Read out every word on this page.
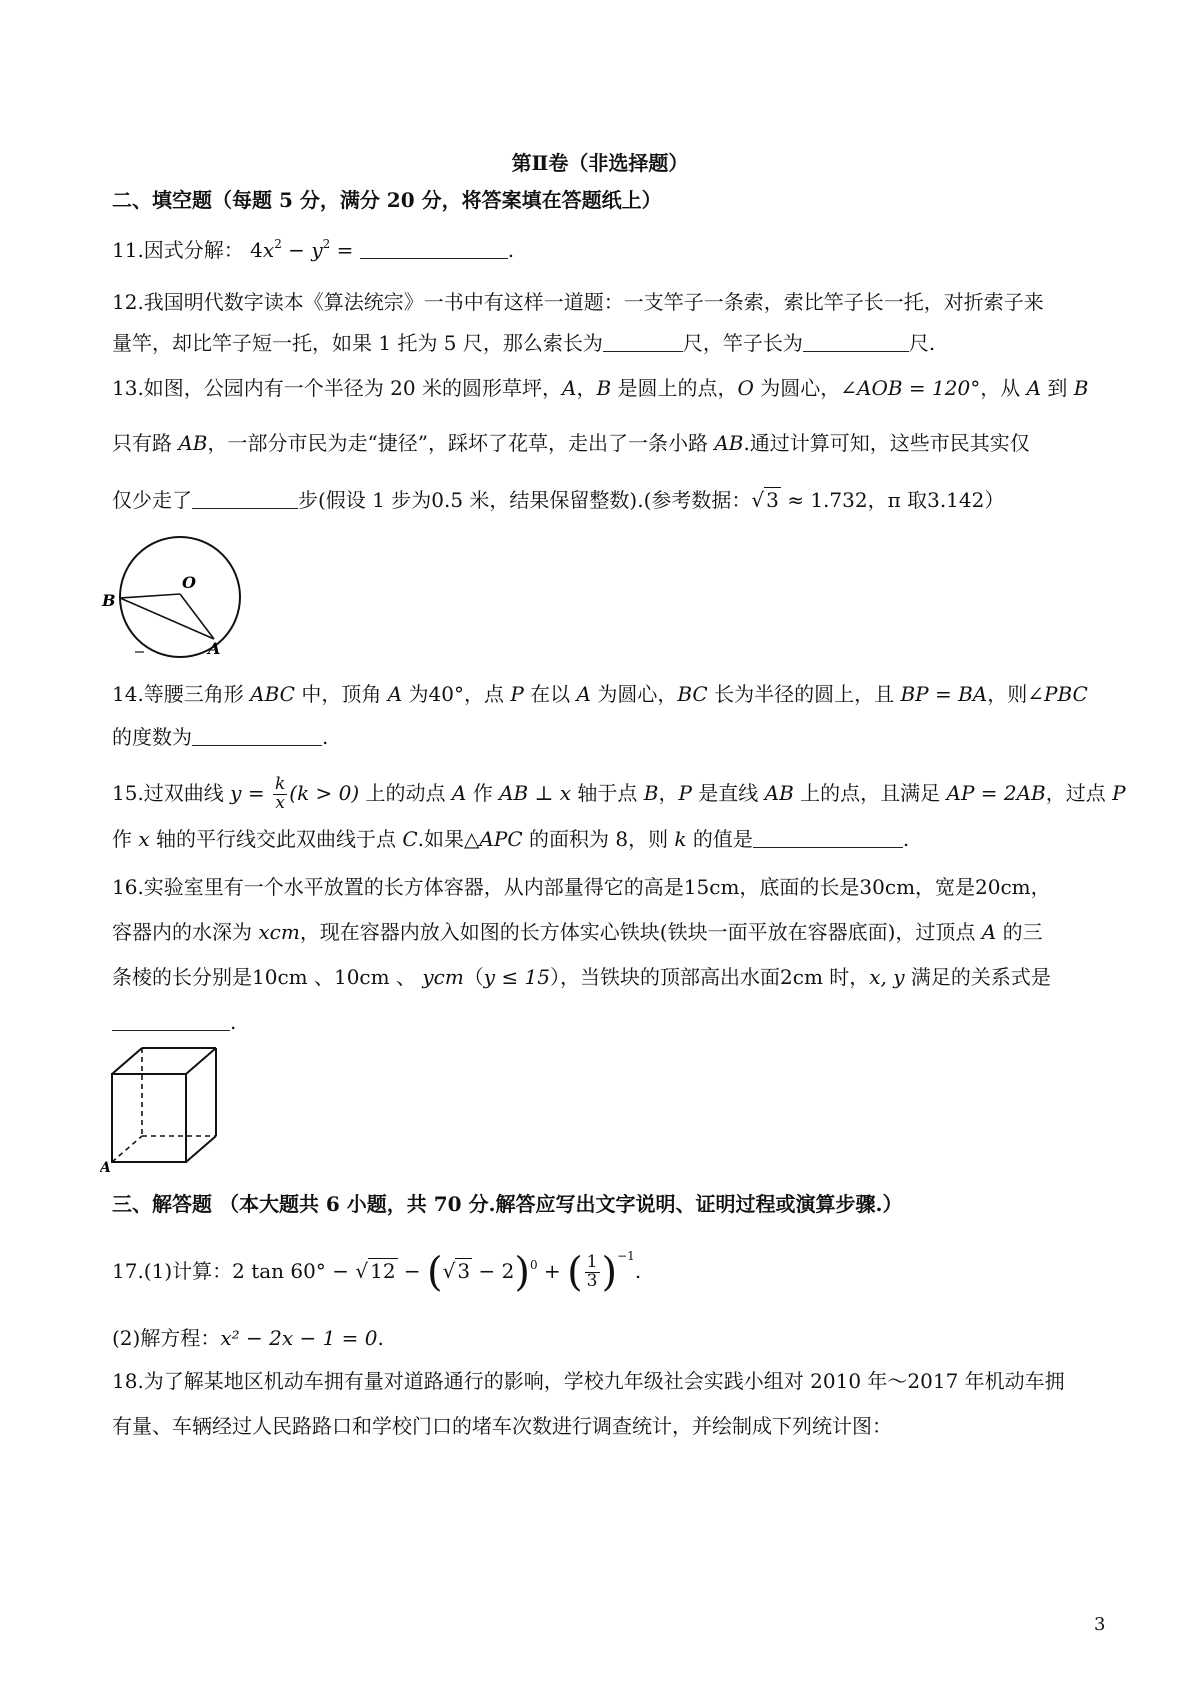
第Ⅱ卷（非选择题）
二、填空题（每题 5 分，满分 20 分，将答案填在答题纸上）
11.因式分解： $4x^2 - y^2$ =	.
12.我国明代数字读本《算法统宗》一书中有这样一道题：一支竿子一条索，索比竿子长一托，对折索子来
量竿，却比竿子短一托，如果 1 托为 5 尺，那么索长为	尺，竿子长为	尺.
13.如图，公园内有一个半径为 20 米的圆形草坪，A，B 是圆上的点，O 为圆心，∠AOB = 120°，从 A 到 B
只有路 AB，一部分市民为走“捷径”，踩坏了花草，走出了一条小路 AB.通过计算可知，这些市民其实仅
仅少走了	步(假设 1 步为0.5 米，结果保留整数).(参考数据：√ 3 ≈ 1.732，π 取3.142）
O
B
A
14.等腰三角形 ABC 中，顶角 A 为40°，点 P 在以 A 为圆心，BC 长为半径的圆上，且 BP = BA，则∠PBC
的度数为	.
15.过双曲线 $y = \frac{k}{x} (k > 0)$ 上的动点 A 作 AB ⊥ x 轴于点 B，P 是直线 AB 上的点，且满足 AP = 2AB，过点 P
作 x 轴的平行线交此双曲线于点 C.如果△APC 的面积为 8，则 k 的值是	.
16.实验室里有一个水平放置的长方体容器，从内部量得它的高是15cm，底面的长是30cm，宽是20cm，
容器内的水深为 xcm，现在容器内放入如图的长方体实心铁块(铁块一面平放在容器底面)，过顶点 A 的三
条棱的长分别是10cm 、10cm 、 ycm（y ≤ 15），当铁块的顶部高出水面2cm 时，x, y 满足的关系式是
.
A
三、解答题 （本大题共 6 小题，共 70 分.解答应写出文字说明、证明过程或演算步骤.）
17.(1)计算：2 tan 60° − √ 12 − (√ 3 − 2)$^0$ + ( $\frac{1}{3} )^{-1}$.
(2)解方程：x² − 2x − 1 = 0.
18.为了解某地区机动车拥有量对道路通行的影响，学校九年级社会实践小组对 2010 年～2017 年机动车拥
有量、车辆经过人民路路口和学校门口的堵车次数进行调查统计，并绘制成下列统计图：
3
